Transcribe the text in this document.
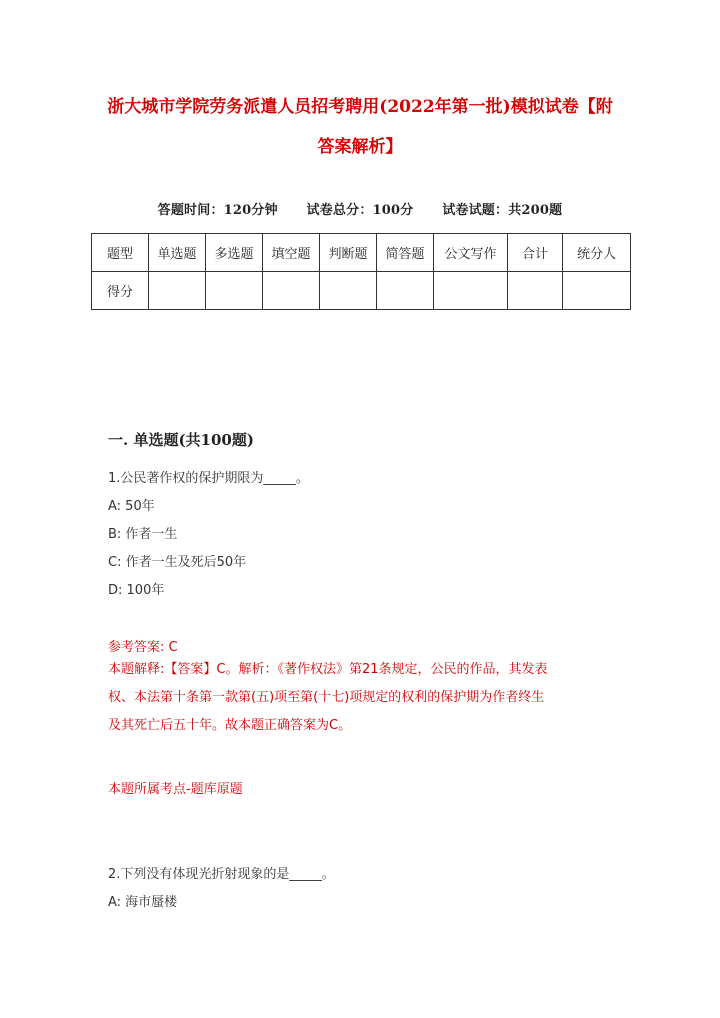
浙大城市学院劳务派遣人员招考聘用(2022年第一批)模拟试卷【附
答案解析】
答题时间：120分钟 试卷总分：100分 试卷试题：共200题
题型	单选题	多选题	填空题	判断题	简答题	公文写作	合计	统分人
得分								
一. 单选题(共100题)
1.公民著作权的保护期限为_____。
A: 50年
B: 作者一生
C: 作者一生及死后50年
D: 100年
参考答案: C
本题解释:【答案】C。解析：《著作权法》第21条规定，公民的作品，其发表
权、本法第十条第一款第(五)项至第(十七)项规定的权利的保护期为作者终生
及其死亡后五十年。故本题正确答案为C。
本题所属考点-题库原题
2.下列没有体现光折射现象的是_____。
A: 海市蜃楼
